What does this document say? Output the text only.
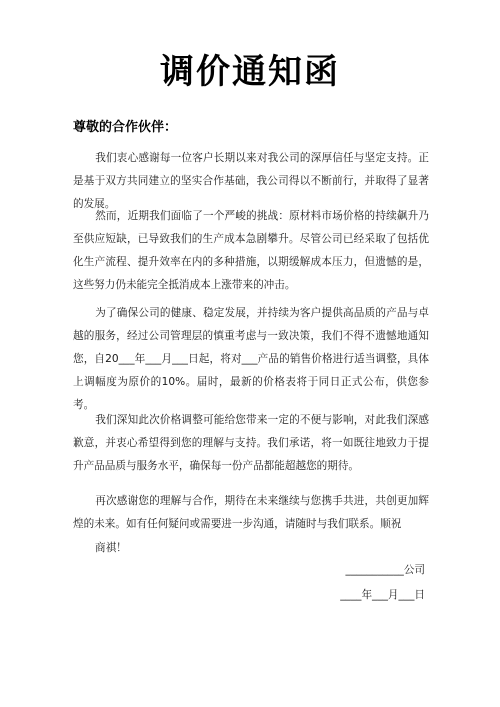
调价通知函
尊敬的合作伙伴：

我们衷心感谢每一位客户长期以来对我公司的深厚信任与坚定支持。正是基于双方共同建立的坚实合作基础，我公司得以不断前行，并取得了显著的发展。

然而，近期我们面临了一个严峻的挑战：原材料市场价格的持续飙升乃至供应短缺，已导致我们的生产成本急剧攀升。尽管公司已经采取了包括优化生产流程、提升效率在内的多种措施，以期缓解成本压力，但遗憾的是，这些努力仍未能完全抵消成本上涨带来的冲击。

为了确保公司的健康、稳定发展，并持续为客户提供高品质的产品与卓越的服务，经过公司管理层的慎重考虑与一致决策，我们不得不遗憾地通知您，自20___年___月___日起，将对___产品的销售价格进行适当调整，具体上调幅度为原价的10%。届时，最新的价格表将于同日正式公布，供您参考。

我们深知此次价格调整可能给您带来一定的不便与影响，对此我们深感歉意，并衷心希望得到您的理解与支持。我们承诺，将一如既往地致力于提升产品品质与服务水平，确保每一份产品都能超越您的期待。

再次感谢您的理解与合作，期待在未来继续与您携手共进，共创更加辉煌的未来。如有任何疑问或需要进一步沟通，请随时与我们联系。顺祝

商祺！
___________公司
____年___月___日
